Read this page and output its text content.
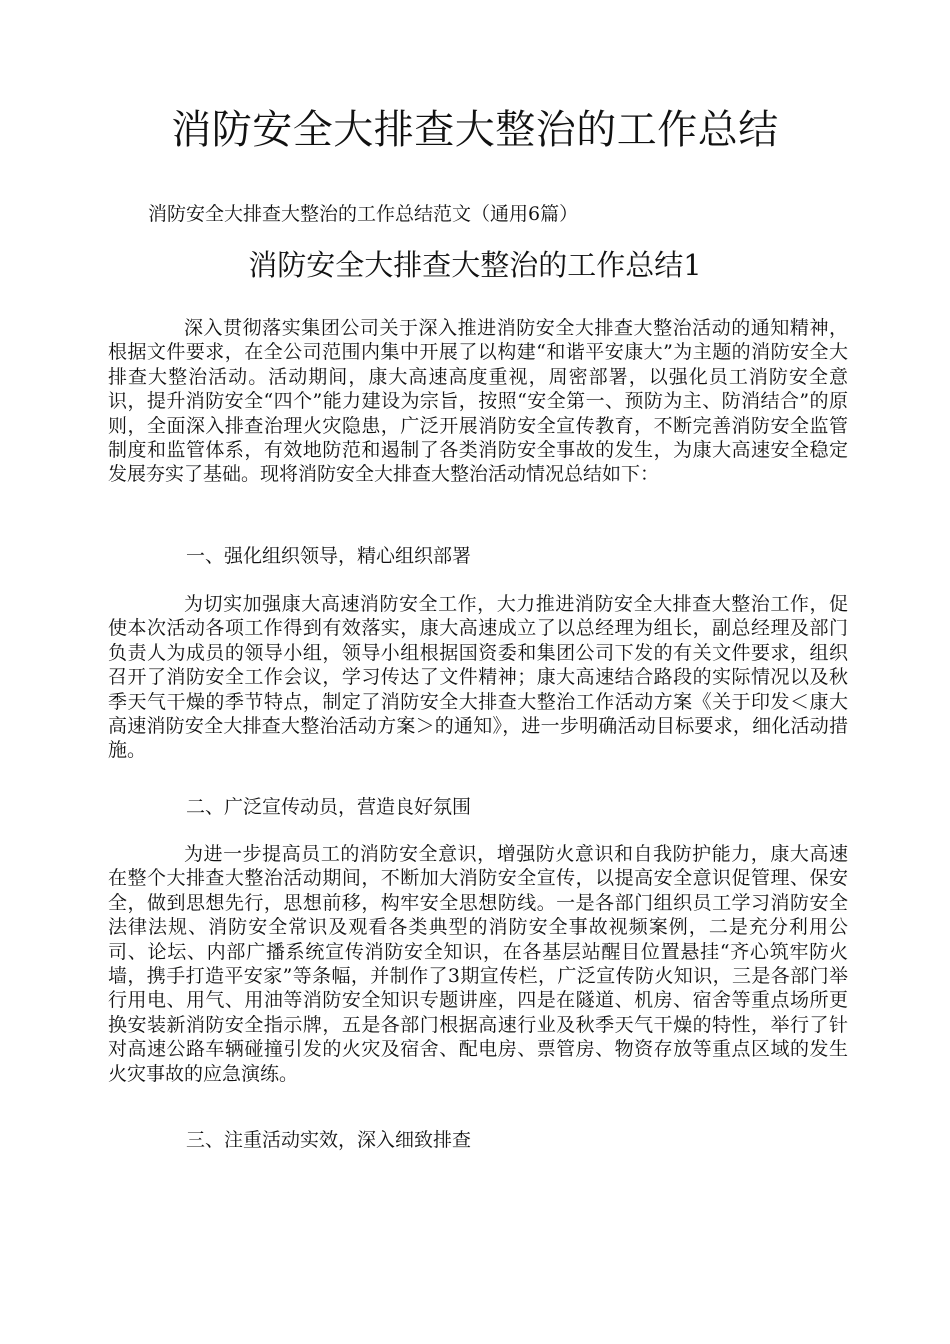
消防安全大排查大整治的工作总结
消防安全大排查大整治的工作总结范文（通用6篇）
消防安全大排查大整治的工作总结1

深入贯彻落实集团公司关于深入推进消防安全大排查大整治活动的通知精神，根据文件要求，在全公司范围内集中开展了以构建“和谐平安康大”为主题的消防安全大排查大整治活动。活动期间，康大高速高度重视，周密部署，以强化员工消防安全意识，提升消防安全“四个”能力建设为宗旨，按照“安全第一、预防为主、防消结合”的原则，全面深入排查治理火灾隐患，广泛开展消防安全宣传教育，不断完善消防安全监管制度和监管体系，有效地防范和遏制了各类消防安全事故的发生，为康大高速安全稳定发展夯实了基础。现将消防安全大排查大整治活动情况总结如下：

一、强化组织领导，精心组织部署

为切实加强康大高速消防安全工作，大力推进消防安全大排查大整治工作，促使本次活动各项工作得到有效落实，康大高速成立了以总经理为组长，副总经理及部门负责人为成员的领导小组，领导小组根据国资委和集团公司下发的有关文件要求，组织召开了消防安全工作会议，学习传达了文件精神；康大高速结合路段的实际情况以及秋季天气干燥的季节特点，制定了消防安全大排查大整治工作活动方案《关于印发＜康大高速消防安全大排查大整治活动方案＞的通知》，进一步明确活动目标要求，细化活动措施。

二、广泛宣传动员，营造良好氛围

为进一步提高员工的消防安全意识，增强防火意识和自我防护能力，康大高速在整个大排查大整治活动期间，不断加大消防安全宣传，以提高安全意识促管理、保安全，做到思想先行，思想前移，构牢安全思想防线。一是各部门组织员工学习消防安全法律法规、消防安全常识及观看各类典型的消防安全事故视频案例，二是充分利用公司、论坛、内部广播系统宣传消防安全知识，在各基层站醒目位置悬挂“齐心筑牢防火墙，携手打造平安家”等条幅，并制作了3期宣传栏，广泛宣传防火知识，三是各部门举行用电、用气、用油等消防安全知识专题讲座，四是在隧道、机房、宿舍等重点场所更换安装新消防安全指示牌，五是各部门根据高速行业及秋季天气干燥的特性，举行了针对高速公路车辆碰撞引发的火灾及宿舍、配电房、票管房、物资存放等重点区域的发生火灾事故的应急演练。

三、注重活动实效，深入细致排查
